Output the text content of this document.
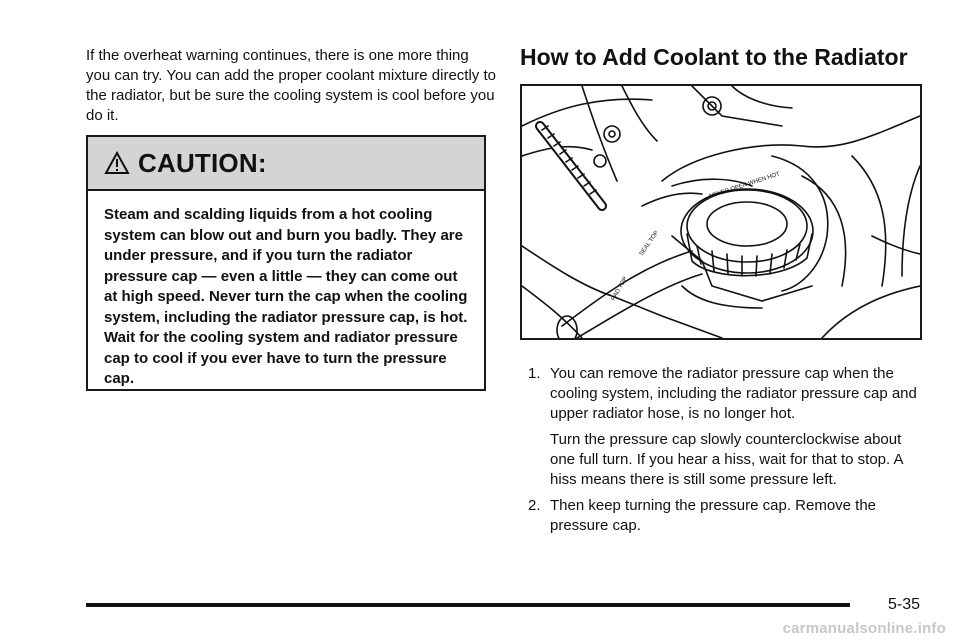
If the overheat warning continues, there is one more thing you can try. You can add the proper coolant mixture directly to the radiator, but be sure the cooling system is cool before you do it.

CAUTION:

Steam and scalding liquids from a hot cooling system can blow out and burn you badly. They are under pressure, and if you turn the radiator pressure cap — even a little — they can come out at high speed. Never turn the cap when the cooling system, including the radiator pressure cap, is hot. Wait for the cooling system and radiator pressure cap to cool if you ever have to turn the pressure cap.

How to Add Coolant to the Radiator
NEVER OPEN WHEN HOT
SEAL TOP
RAD TOP
1. You can remove the radiator pressure cap when the cooling system, including the radiator pressure cap and upper radiator hose, is no longer hot.

Turn the pressure cap slowly counterclockwise about one full turn. If you hear a hiss, wait for that to stop. A hiss means there is still some pressure left.

2. Then keep turning the pressure cap. Remove the pressure cap.

5-35
carmanualsonline.info
